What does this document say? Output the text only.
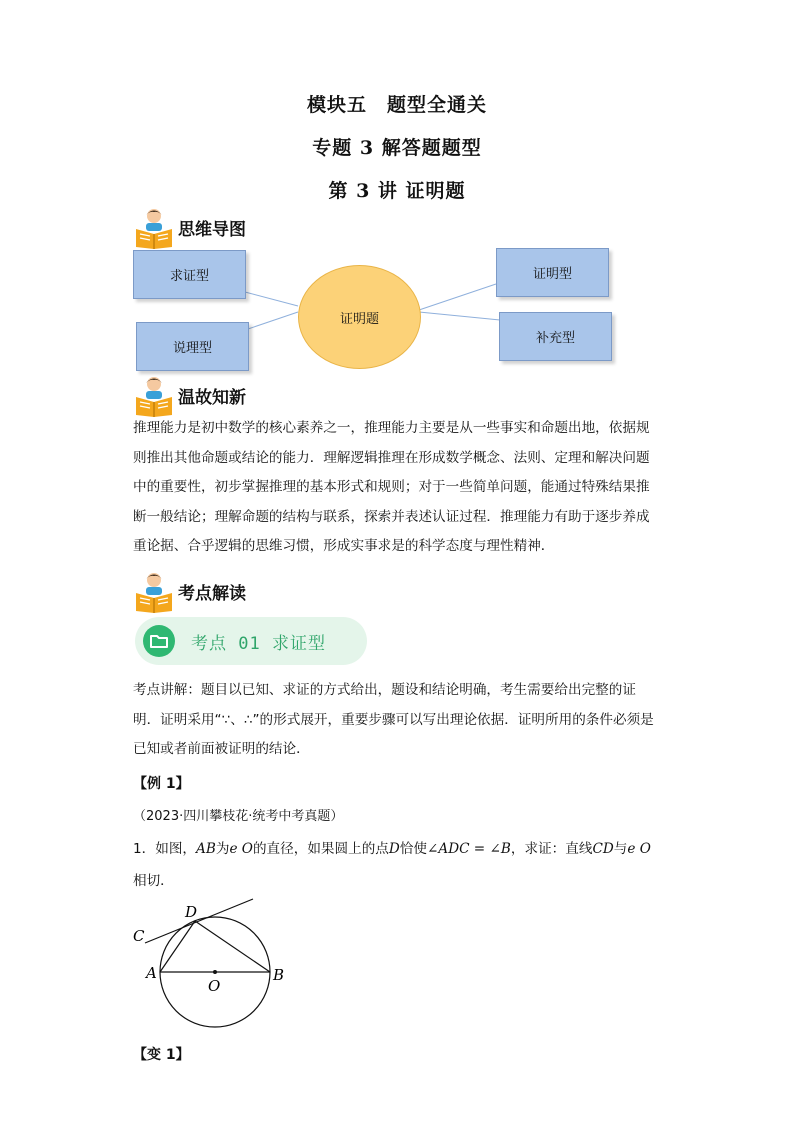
模块五　题型全通关
专题 3 解答题题型
第 3 讲 证明题
思维导图
求证型
说理型
证明题
证明型
补充型
温故知新
推理能力是初中数学的核心素养之一，推理能力主要是从一些事实和命题出地，依据规
则推出其他命题或结论的能力．理解逻辑推理在形成数学概念、法则、定理和解决问题
中的重要性，初步掌握推理的基本形式和规则；对于一些简单问题，能通过特殊结果推
断一般结论；理解命题的结构与联系，探索并表述认证过程．推理能力有助于逐步养成
重论据、合乎逻辑的思维习惯，形成实事求是的科学态度与理性精神．
考点解读
考点 01 求证型
考点讲解：题目以已知、求证的方式给出，题设和结论明确，考生需要给出完整的证
明．证明采用“∵、∴”的形式展开，重要步骤可以写出理论依据．证明所用的条件必须是
已知或者前面被证明的结论．
【例 1】
（2023·四川攀枝花·统考中考真题）
1．如图，AB为e O的直径，如果圆上的点D恰使∠ADC = ∠B，求证：直线CD与e O
相切．
C
D
A
O
B
【变 1】
